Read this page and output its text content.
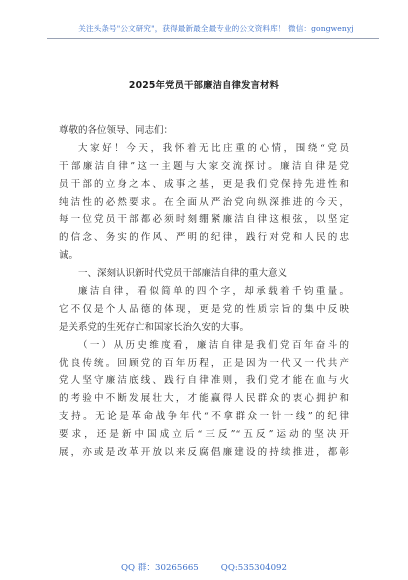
关注头条号"公文研究"，获得最新最全最专业的公文资料库！ 微信：gongwenyj
2025年党员干部廉洁自律发言材料
尊敬的各位领导、同志们：
大家好！今天，我怀着无比庄重的心情，围绕“党员
干部廉洁自律”这一主题与大家交流探讨。廉洁自律是党
员干部的立身之本、成事之基，更是我们党保持先进性和
纯洁性的必然要求。在全面从严治党向纵深推进的今天，
每一位党员干部都必须时刻绷紧廉洁自律这根弦，以坚定
的信念、务实的作风、严明的纪律，践行对党和人民的忠
诚。
一、深刻认识新时代党员干部廉洁自律的重大意义
廉洁自律，看似简单的四个字，却承载着千钧重量。
它不仅是个人品德的体现，更是党的性质宗旨的集中反映
是关系党的生死存亡和国家长治久安的大事。
（一）从历史维度看，廉洁自律是我们党百年奋斗的
优良传统。回顾党的百年历程，正是因为一代又一代共产
党人坚守廉洁底线、践行自律准则，我们党才能在血与火
的考验中不断发展壮大，才能赢得人民群众的衷心拥护和
支持。无论是革命战争年代“不拿群众一针一线”的纪律
要求，还是新中国成立后“三反”“五反”运动的坚决开
展，亦或是改革开放以来反腐倡廉建设的持续推进，都彰
QQ 群：30265665	QQ:535304092
